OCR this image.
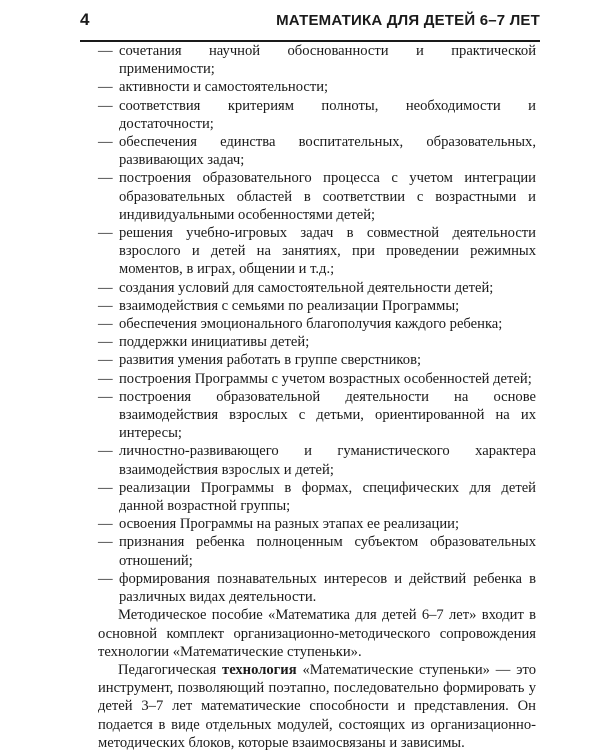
4	МАТЕМАТИКА ДЛЯ ДЕТЕЙ 6–7 ЛЕТ
— сочетания научной обоснованности и практической применимости;
— активности и самостоятельности;
— соответствия критериям полноты, необходимости и достаточности;
— обеспечения единства воспитательных, образовательных, развивающих задач;
— построения образовательного процесса с учетом интеграции образовательных областей в соответствии с возрастными и индивидуальными особенностями детей;
— решения учебно-игровых задач в совместной деятельности взрослого и детей на занятиях, при проведении режимных моментов, в играх, общении и т.д.;
— создания условий для самостоятельной деятельности детей;
— взаимодействия с семьями по реализации Программы;
— обеспечения эмоционального благополучия каждого ребенка;
— поддержки инициативы детей;
— развития умения работать в группе сверстников;
— построения Программы с учетом возрастных особенностей детей;
— построения образовательной деятельности на основе взаимодействия взрослых с детьми, ориентированной на их интересы;
— личностно-развивающего и гуманистического характера взаимодействия взрослых и детей;
— реализации Программы в формах, специфических для детей данной возрастной группы;
— освоения Программы на разных этапах ее реализации;
— признания ребенка полноценным субъектом образовательных отношений;
— формирования познавательных интересов и действий ребенка в различных видах деятельности.

Методическое пособие «Математика для детей 6–7 лет» входит в основной комплект организационно-методического сопровождения технологии «Математические ступеньки».

Педагогическая технология «Математические ступеньки» — это инструмент, позволяющий поэтапно, последовательно формировать у детей 3–7 лет математические способности и представления. Он подается в виде отдельных модулей, состоящих из организационно-методических блоков, которые взаимосвязаны и зависимы.
